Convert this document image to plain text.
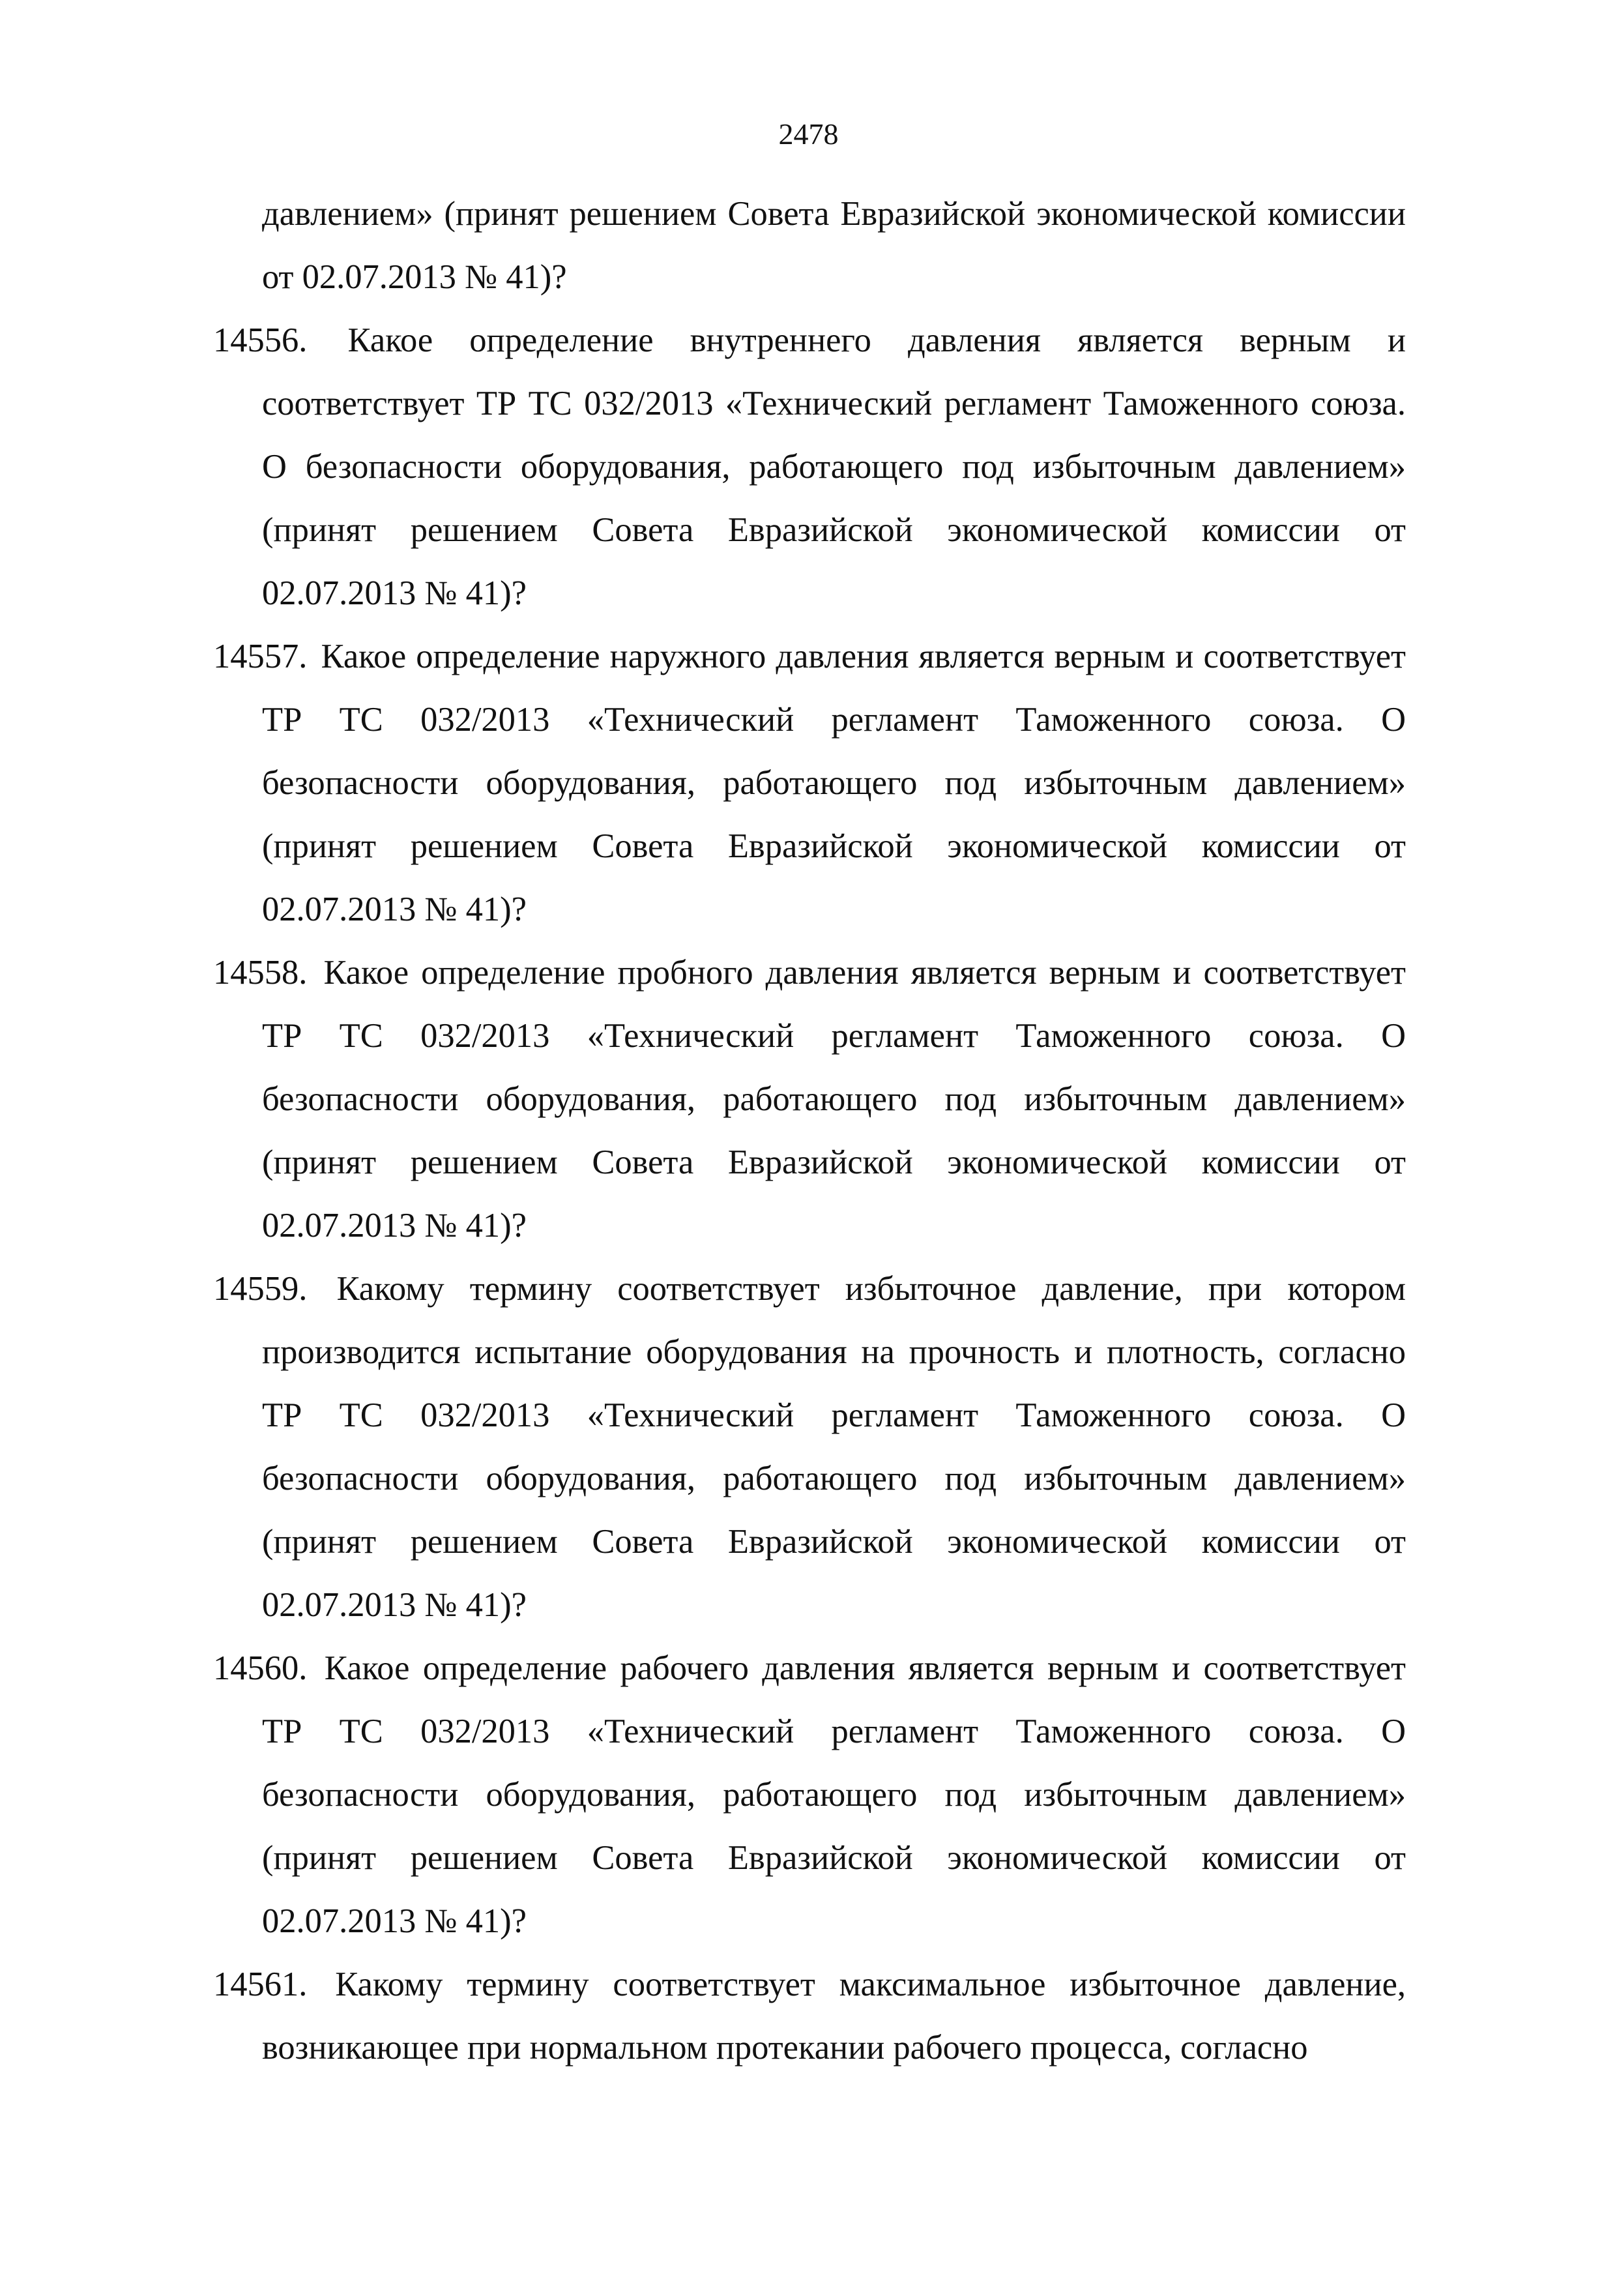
2478

давлением» (принят решением Совета Евразийской экономической комиссии от 02.07.2013 № 41)?

14556. Какое определение внутреннего давления является верным и соответствует ТР ТС 032/2013 «Технический регламент Таможенного союза. О безопасности оборудования, работающего под избыточным давлением» (принят решением Совета Евразийской экономической комиссии от 02.07.2013 № 41)?

14557. Какое определение наружного давления является верным и соответствует ТР ТС 032/2013 «Технический регламент Таможенного союза. О безопасности оборудования, работающего под избыточным давлением» (принят решением Совета Евразийской экономической комиссии от 02.07.2013 № 41)?

14558. Какое определение пробного давления является верным и соответствует ТР ТС 032/2013 «Технический регламент Таможенного союза. О безопасности оборудования, работающего под избыточным давлением» (принят решением Совета Евразийской экономической комиссии от 02.07.2013 № 41)?

14559. Какому термину соответствует избыточное давление, при котором производится испытание оборудования на прочность и плотность, согласно ТР ТС 032/2013 «Технический регламент Таможенного союза. О безопасности оборудования, работающего под избыточным давлением» (принят решением Совета Евразийской экономической комиссии от 02.07.2013 № 41)?

14560. Какое определение рабочего давления является верным и соответствует ТР ТС 032/2013 «Технический регламент Таможенного союза. О безопасности оборудования, работающего под избыточным давлением» (принят решением Совета Евразийской экономической комиссии от 02.07.2013 № 41)?

14561. Какому термину соответствует максимальное избыточное давление, возникающее при нормальном протекании рабочего процесса, согласно
